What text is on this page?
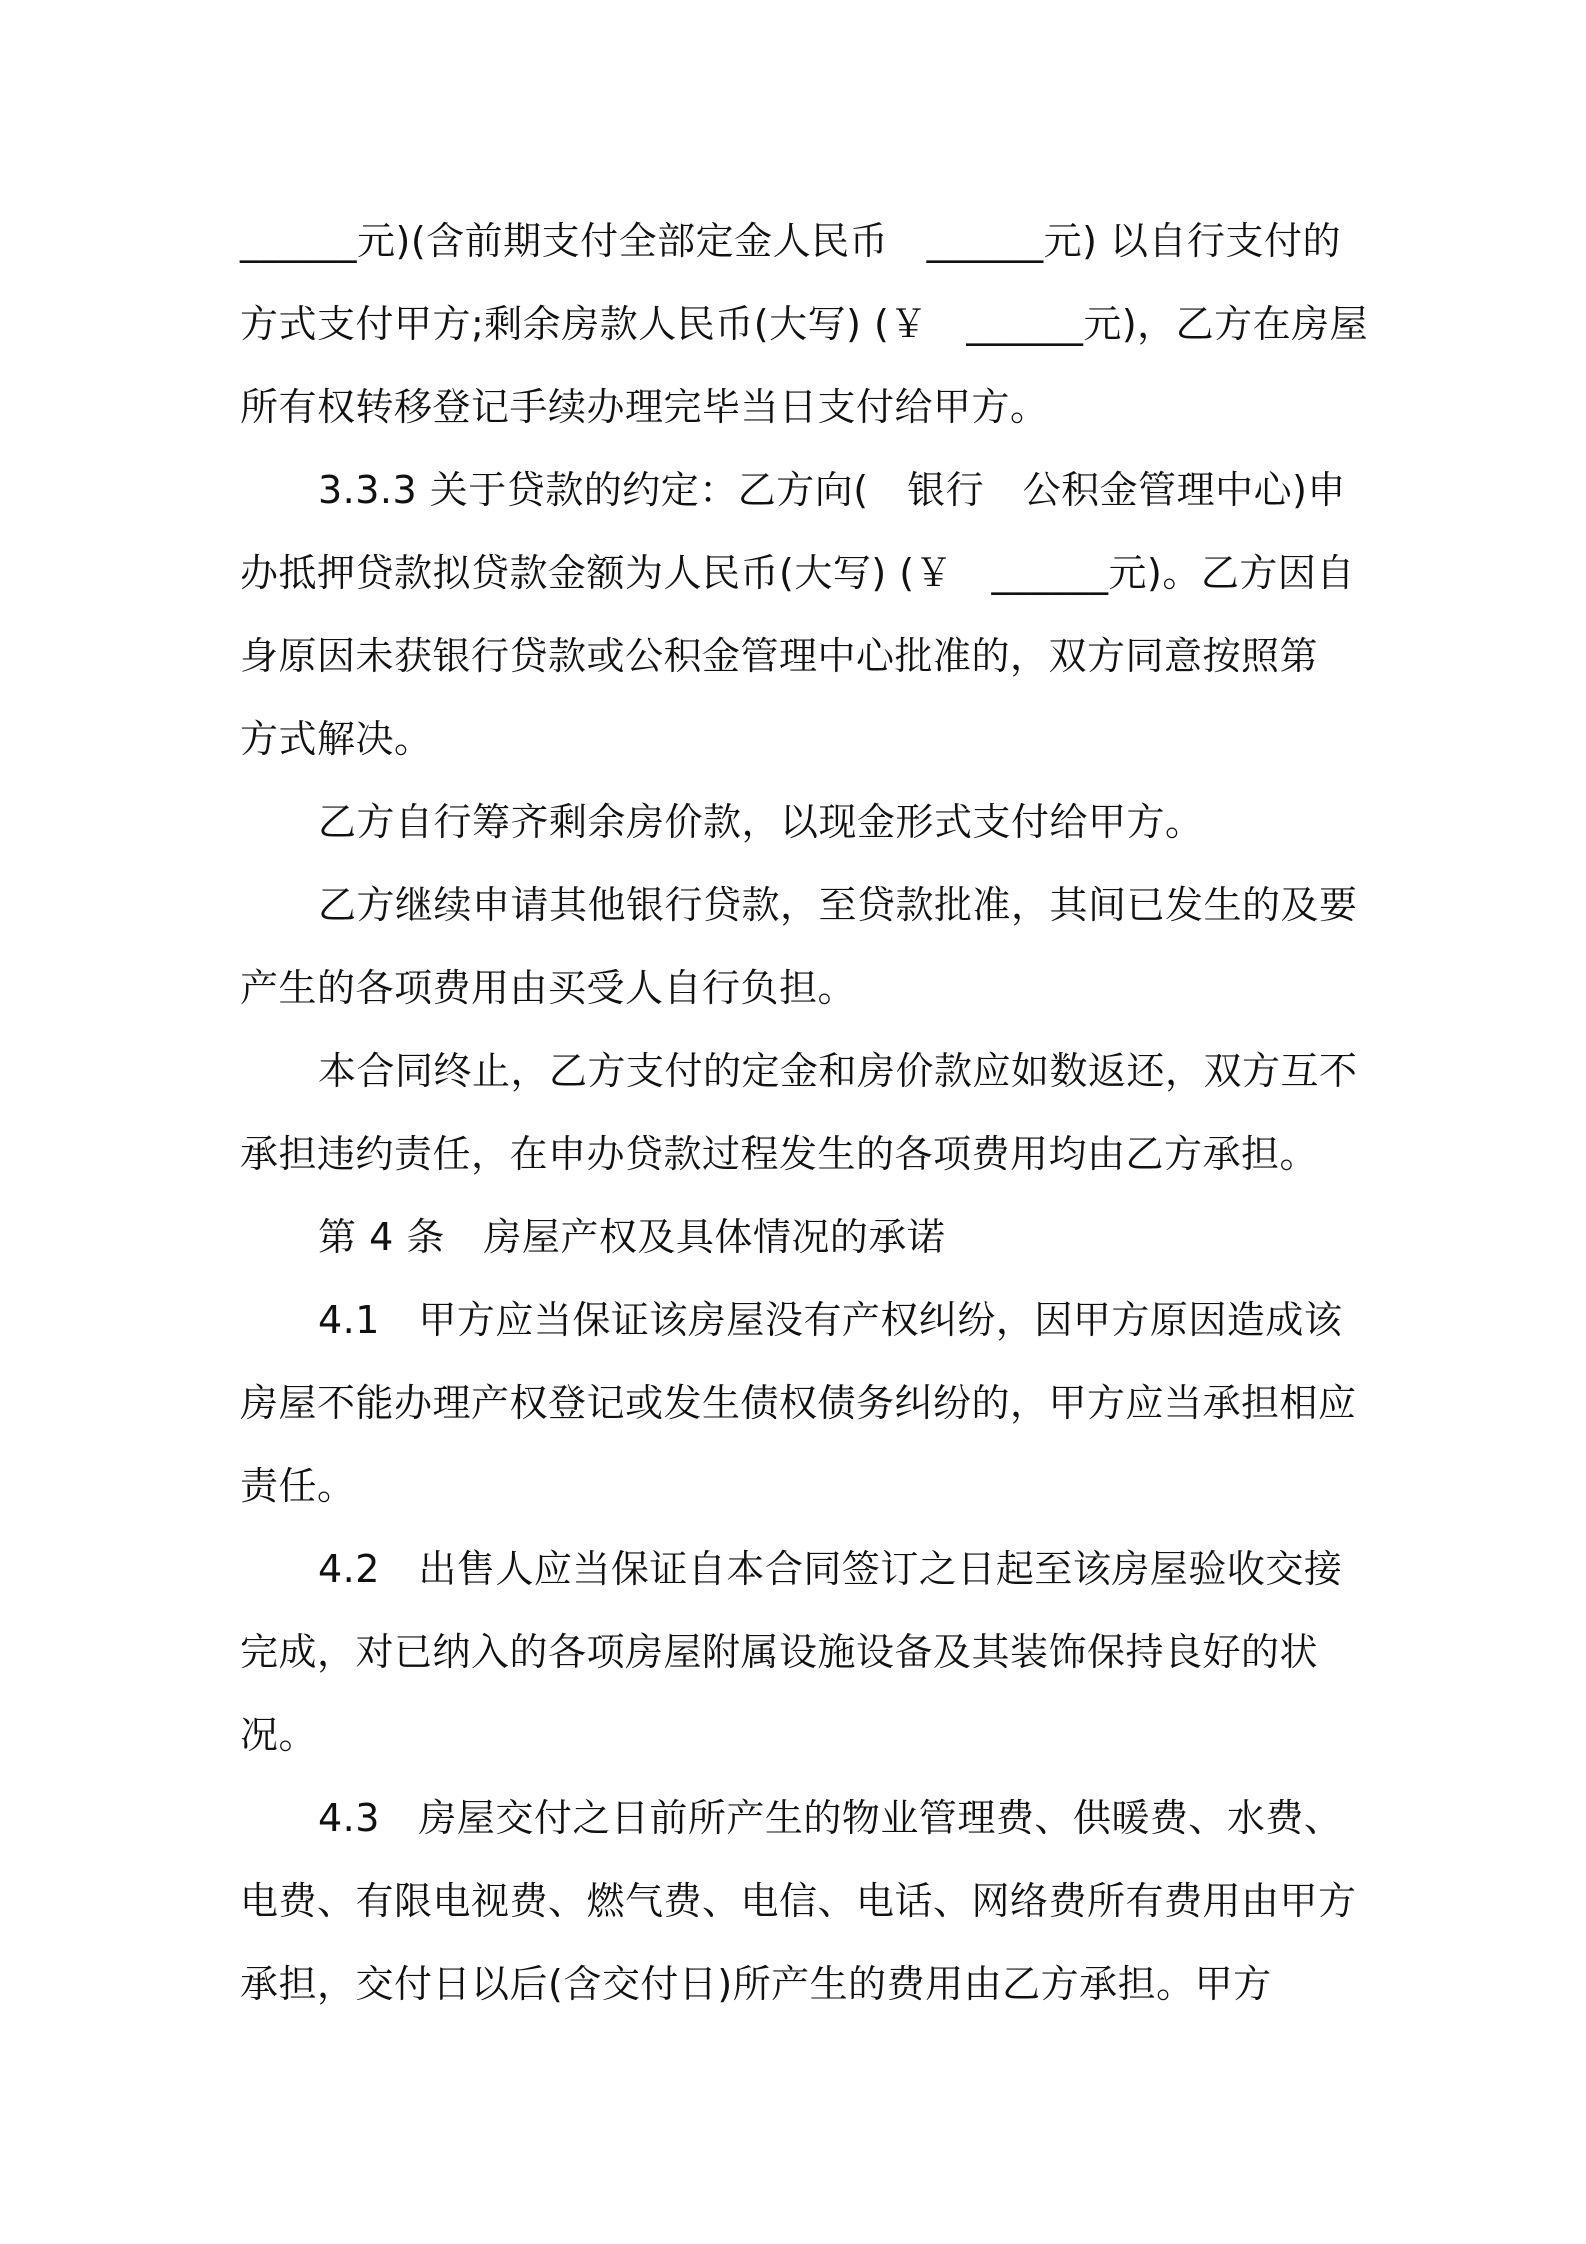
______元)(含前期支付全部定金人民币　______元) 以自行支付的方式支付甲方;剩余房款人民币(大写) (￥　______元)，乙方在房屋所有权转移登记手续办理完毕当日支付给甲方。

3.3.3 关于贷款的约定：乙方向(　银行　公积金管理中心)申办抵押贷款拟贷款金额为人民币(大写) (￥　______元)。乙方因自身原因未获银行贷款或公积金管理中心批准的，双方同意按照第　方式解决。

乙方自行筹齐剩余房价款，以现金形式支付给甲方。

乙方继续申请其他银行贷款，至贷款批准，其间已发生的及要产生的各项费用由买受人自行负担。

本合同终止，乙方支付的定金和房价款应如数返还，双方互不承担违约责任，在申办贷款过程发生的各项费用均由乙方承担。

第 4 条　房屋产权及具体情况的承诺

4.1　甲方应当保证该房屋没有产权纠纷，因甲方原因造成该房屋不能办理产权登记或发生债权债务纠纷的，甲方应当承担相应责任。

4.2　出售人应当保证自本合同签订之日起至该房屋验收交接完成，对已纳入的各项房屋附属设施设备及其装饰保持良好的状况。

4.3　房屋交付之日前所产生的物业管理费、供暖费、水费、电费、有限电视费、燃气费、电信、电话、网络费所有费用由甲方承担，交付日以后(含交付日)所产生的费用由乙方承担。甲方
